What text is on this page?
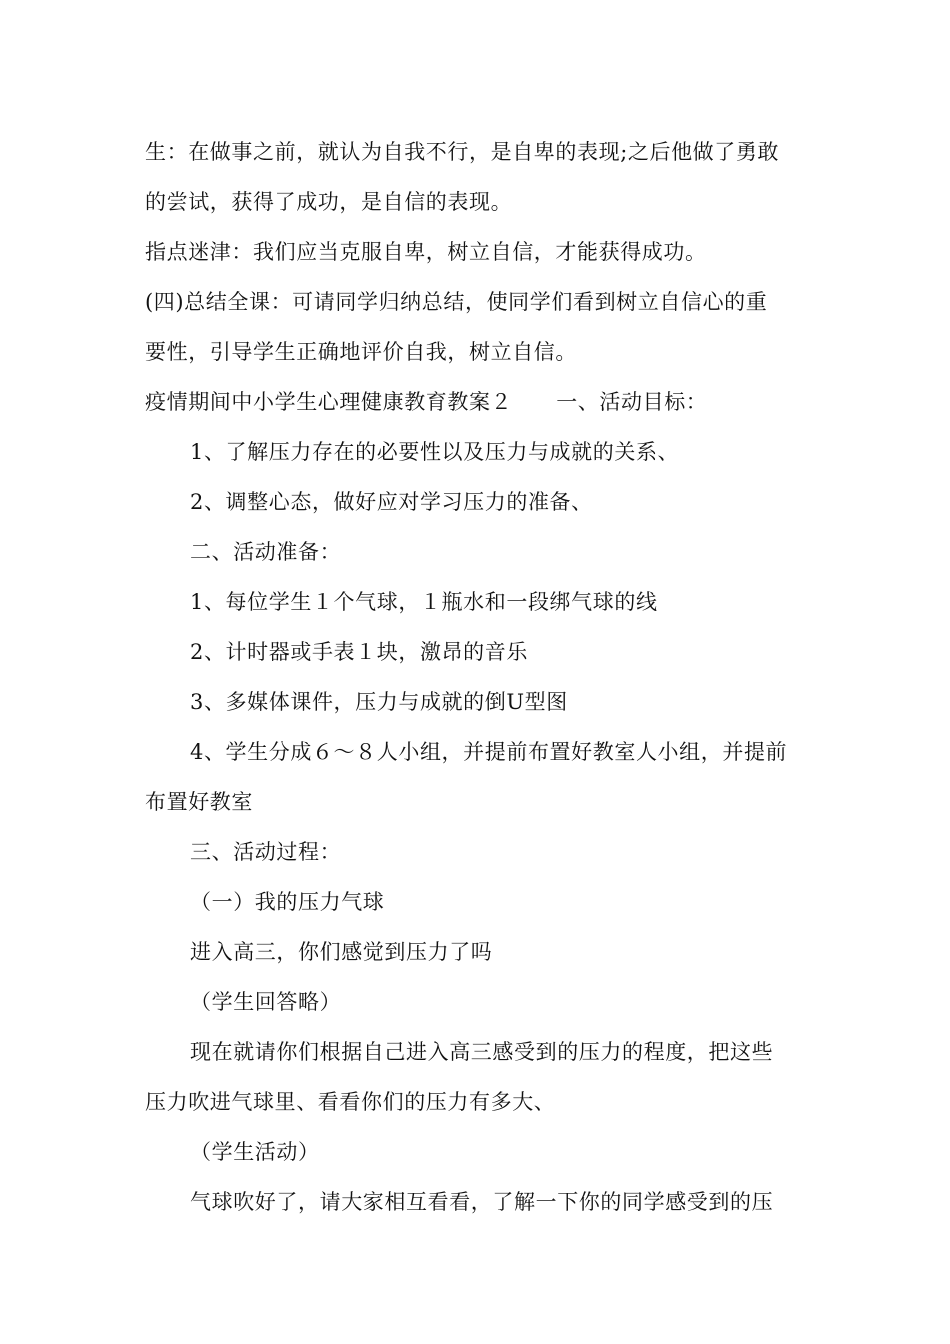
生：在做事之前，就认为自我不行，是自卑的表现;之后他做了勇敢
的尝试，获得了成功，是自信的表现。
指点迷津：我们应当克服自卑，树立自信，才能获得成功。
(四)总结全课：可请同学归纳总结，使同学们看到树立自信心的重
要性，引导学生正确地评价自我，树立自信。
疫情期间中小学生心理健康教育教案２ 一、活动目标：
1、了解压力存在的必要性以及压力与成就的关系、
2、调整心态，做好应对学习压力的准备、
二、活动准备：
1、每位学生１个气球，１瓶水和一段绑气球的线
2、计时器或手表１块，激昂的音乐
3、多媒体课件，压力与成就的倒U型图
4、学生分成６～８人小组，并提前布置好教室人小组，并提前
布置好教室
三、活动过程：
（一）我的压力气球
进入高三，你们感觉到压力了吗
（学生回答略）
现在就请你们根据自己进入高三感受到的压力的程度，把这些
压力吹进气球里、看看你们的压力有多大、
（学生活动）
气球吹好了，请大家相互看看，了解一下你的同学感受到的压
